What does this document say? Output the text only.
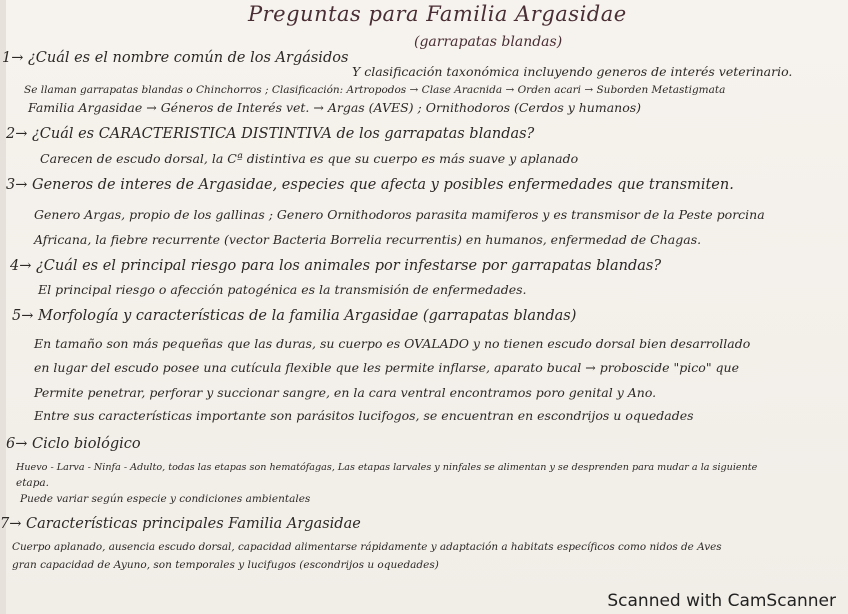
Preguntas para Familia Argasidae
(garrapatas blandas)
1→ ¿Cuál es el nombre común de los Argásidos
Y clasificación taxonómica incluyendo generos de interés veterinario.
Se llaman garrapatas blandas o Chinchorros ; Clasificación: Artropodos → Clase Aracnida → Orden acari → Suborden Metastigmata
Familia Argasidae → Géneros de Interés vet. → Argas (AVES) ; Ornithodoros (Cerdos y humanos)
2→ ¿Cuál es CARACTERISTICA DISTINTIVA de los garrapatas blandas?
Carecen de escudo dorsal, la Cª distintiva es que su cuerpo es más suave y aplanado
3→ Generos de interes de Argasidae, especies que afecta y posibles enfermedades que transmiten.
Genero Argas, propio de los gallinas ; Genero Ornithodoros parasita mamiferos y es transmisor de la Peste porcina
Africana, la fiebre recurrente (vector Bacteria Borrelia recurrentis) en humanos, enfermedad de Chagas.
4→ ¿Cuál es el principal riesgo para los animales por infestarse por garrapatas blandas?
El principal riesgo o afección patogénica es la transmisión de enfermedades.
5→ Morfología y características de la familia Argasidae (garrapatas blandas)
En tamaño son más pequeñas que las duras, su cuerpo es OVALADO y no tienen escudo dorsal bien desarrollado
en lugar del escudo posee una cutícula flexible que les permite inflarse, aparato bucal → proboscide "pico" que
Permite penetrar, perforar y succionar sangre, en la cara ventral encontramos poro genital y Ano.
Entre sus características importante son parásitos lucifogos, se encuentran en escondrijos u oquedades
6→ Ciclo biológico
Huevo - Larva - Ninfa - Adulto, todas las etapas son hematófagas, Las etapas larvales y ninfales se alimentan y se desprenden para mudar a la siguiente
etapa.
Puede variar según especie y condiciones ambientales
7→ Características principales Familia Argasidae
Cuerpo aplanado, ausencia escudo dorsal, capacidad alimentarse rápidamente y adaptación a habitats específicos como nidos de Aves
gran capacidad de Ayuno, son temporales y lucifugos (escondrijos u oquedades)
Scanned with CamScanner
